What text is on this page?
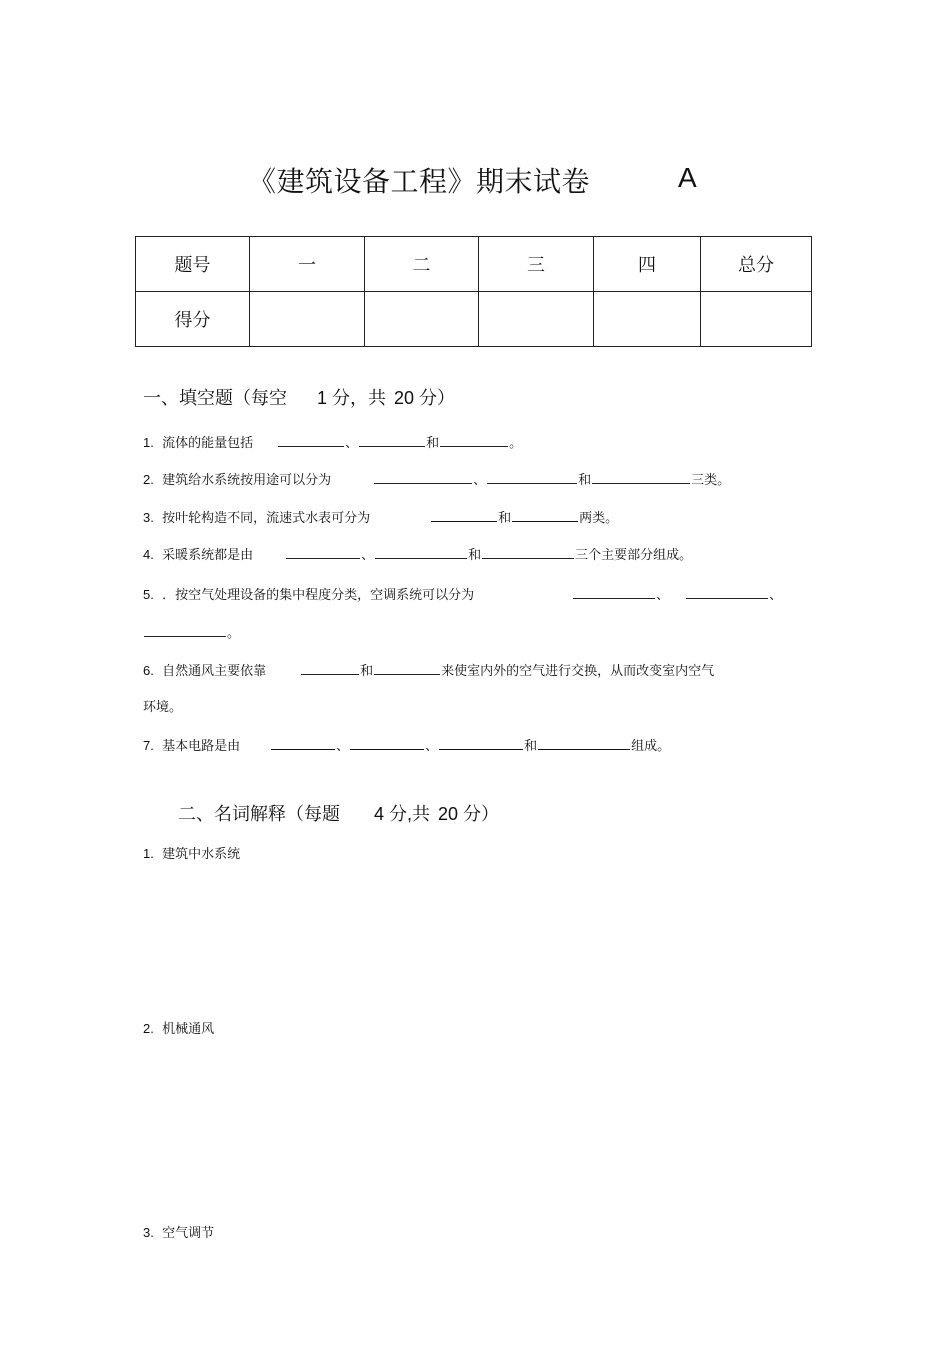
《建筑设备工程》期末试卷	A
题号	一	二	三	四	总分
得分					
一、填空题（每空 1 分，共 20 分）
1. 流体的能量包括	、	和	。
2. 建筑给水系统按用途可以分为	、	和	三类。
3. 按叶轮构造不同，流速式水表可分为	和	两类。
4. 采暖系统都是由	、	和	三个主要部分组成。
5. ．按空气处理设备的集中程度分类，空调系统可以分为	、	、
。
6. 自然通风主要依靠	和	来使室内外的空气进行交换，从而改变室内空气
环境。
7. 基本电路是由	、	、	和	组成。
二、名词解释（每题 4 分,共 20 分）
1. 建筑中水系统
2. 机械通风
3. 空气调节
